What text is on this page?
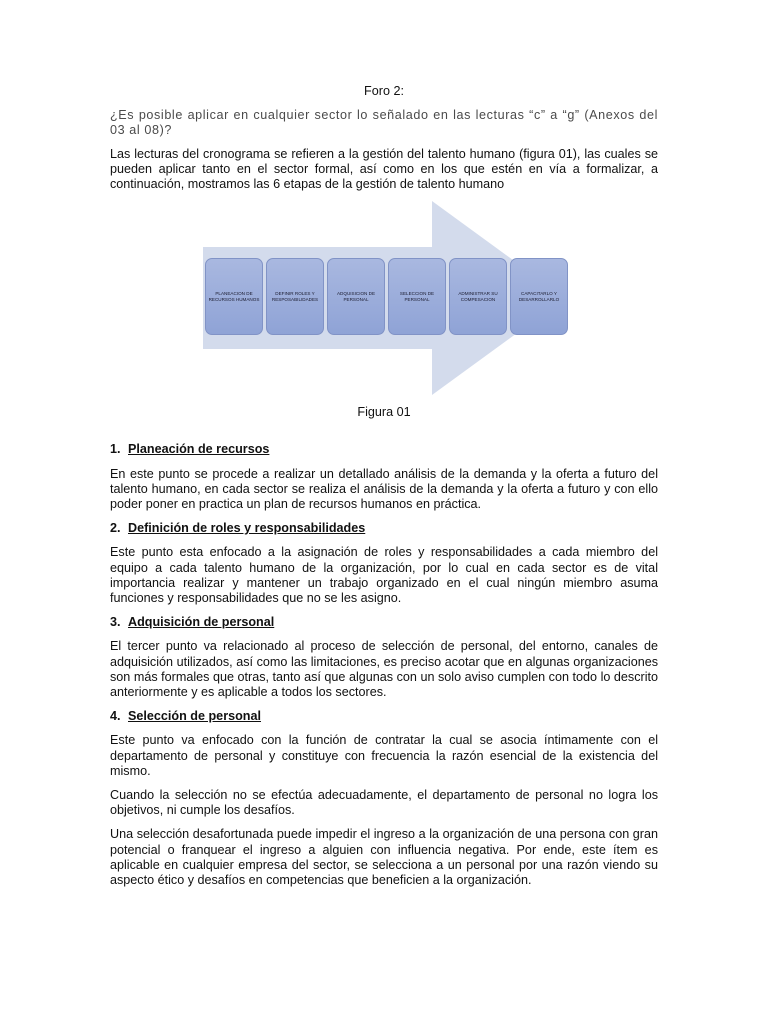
Foro 2:
¿Es posible aplicar en cualquier sector lo señalado en las lecturas “c” a “g” (Anexos del 03 al 08)?

Las lecturas del cronograma se refieren a la gestión del talento humano (figura 01), las cuales se pueden aplicar tanto en el sector formal, así como en los que estén en vía a formalizar, a continuación, mostramos las 6 etapas de la gestión de talento humano

PLANEACION DE RECURSOS HUMANOS
DEFINIR ROLES Y RESPOSABILIDADES
ADQUISICION DE PERSONAL
SELECCION DE PERSONAL
ADMINISTRAR SU COMPESACION
CAPACITARLO Y DESARROLLARLO
Figura 01
1. Planeación de recursos

En este punto se procede a realizar un detallado análisis de la demanda y la oferta a futuro del talento humano, en cada sector se realiza el análisis de la demanda y la oferta a futuro y con ello poder poner en practica un plan de recursos humanos en práctica.

2. Definición de roles y responsabilidades

Este punto esta enfocado a la asignación de roles y responsabilidades a cada miembro del equipo a cada talento humano de la organización, por lo cual en cada sector es de vital importancia realizar y mantener un trabajo organizado en el cual ningún miembro asuma funciones y responsabilidades que no se les asigno.

3. Adquisición de personal

El tercer punto va relacionado al proceso de selección de personal, del entorno, canales de adquisición utilizados, así como las limitaciones, es preciso acotar que en algunas organizaciones son más formales que otras, tanto así que algunas con un solo aviso cumplen con todo lo descrito anteriormente y es aplicable a todos los sectores.

4. Selección de personal

Este punto va enfocado con la función de contratar la cual se asocia íntimamente con el departamento de personal y constituye con frecuencia la razón esencial de la existencia del mismo.

Cuando la selección no se efectúa adecuadamente, el departamento de personal no logra los objetivos, ni cumple los desafíos.

Una selección desafortunada puede impedir el ingreso a la organización de una persona con gran potencial o franquear el ingreso a alguien con influencia negativa. Por ende, este ítem es aplicable en cualquier empresa del sector, se selecciona a un personal por una razón viendo su aspecto ético y desafíos en competencias que beneficien a la organización.
